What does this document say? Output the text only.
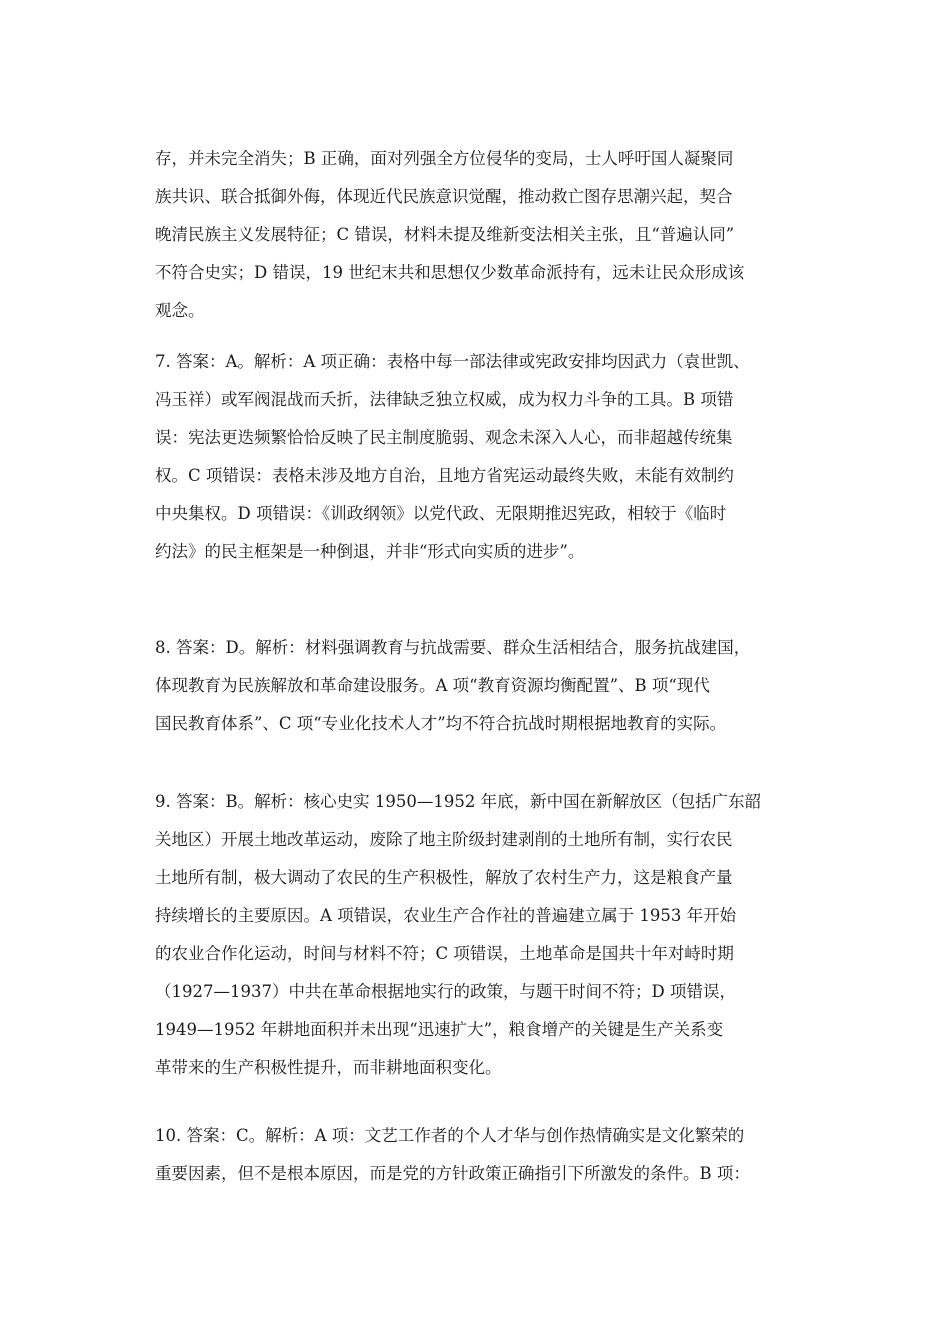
存，并未完全消失；B 正确，面对列强全方位侵华的变局，士人呼吁国人凝聚同
族共识、联合抵御外侮，体现近代民族意识觉醒，推动救亡图存思潮兴起，契合
晚清民族主义发展特征；C 错误，材料未提及维新变法相关主张，且“普遍认同”
不符合史实；D 错误，19 世纪末共和思想仅少数革命派持有，远未让民众形成该
观念。
7. 答案：A。解析：A 项正确：表格中每一部法律或宪政安排均因武力（袁世凯、
冯玉祥）或军阀混战而夭折，法律缺乏独立权威，成为权力斗争的工具。B 项错
误：宪法更迭频繁恰恰反映了民主制度脆弱、观念未深入人心，而非超越传统集
权。C 项错误：表格未涉及地方自治，且地方省宪运动最终失败，未能有效制约
中央集权。D 项错误：《训政纲领》以党代政、无限期推迟宪政，相较于《临时
约法》的民主框架是一种倒退，并非“形式向实质的进步”。
8. 答案：D。解析：材料强调教育与抗战需要、群众生活相结合，服务抗战建国，
体现教育为民族解放和革命建设服务。A 项“教育资源均衡配置”、B 项“现代
国民教育体系”、C 项“专业化技术人才”均不符合抗战时期根据地教育的实际。
9. 答案：B。解析：核心史实 1950—1952 年底，新中国在新解放区（包括广东韶
关地区）开展土地改革运动，废除了地主阶级封建剥削的土地所有制，实行农民
土地所有制，极大调动了农民的生产积极性，解放了农村生产力，这是粮食产量
持续增长的主要原因。A 项错误，农业生产合作社的普遍建立属于 1953 年开始
的农业合作化运动，时间与材料不符；C 项错误，土地革命是国共十年对峙时期
（1927—1937）中共在革命根据地实行的政策，与题干时间不符；D 项错误，
1949—1952 年耕地面积并未出现“迅速扩大”，粮食增产的关键是生产关系变
革带来的生产积极性提升，而非耕地面积变化。
10. 答案：C。解析：A 项：文艺工作者的个人才华与创作热情确实是文化繁荣的
重要因素，但不是根本原因，而是党的方针政策正确指引下所激发的条件。B 项：
